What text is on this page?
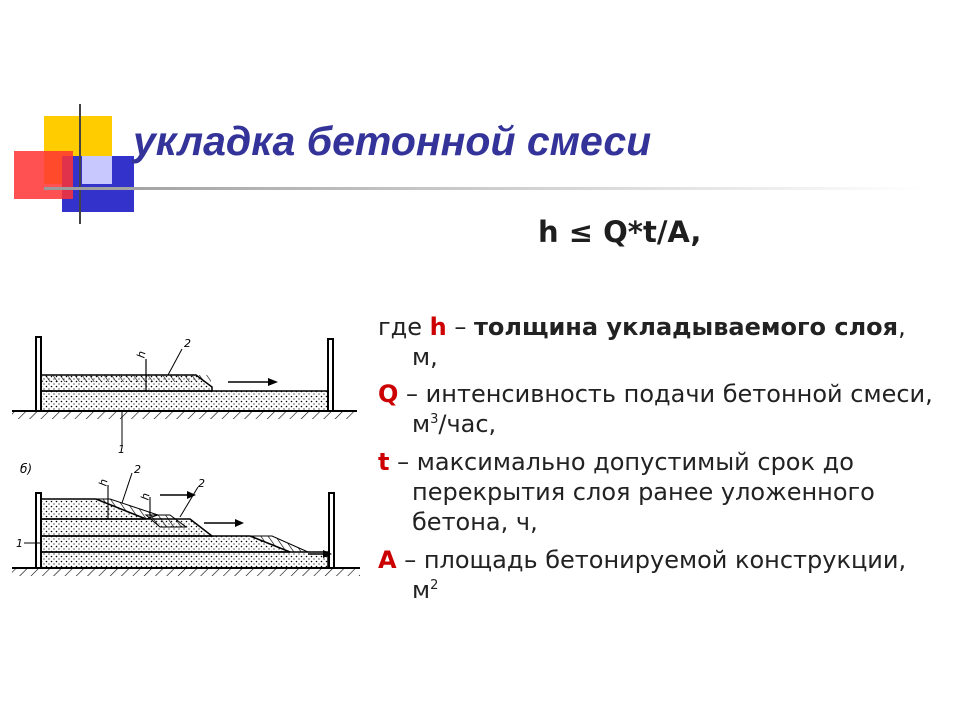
укладка бетонной смеси

h ≤ Q*t/A,

где h – толщина укладываемого слоя, м,
Q – интенсивность подачи бетонной смеси, $м^3$/час,
t – максимально допустимый срок до перекрытия слоя ранее уложенного бетона, ч,
A – площадь бетонируемой конструкции, $м^2$
h
2
1
б)
h
2
h
2
1
